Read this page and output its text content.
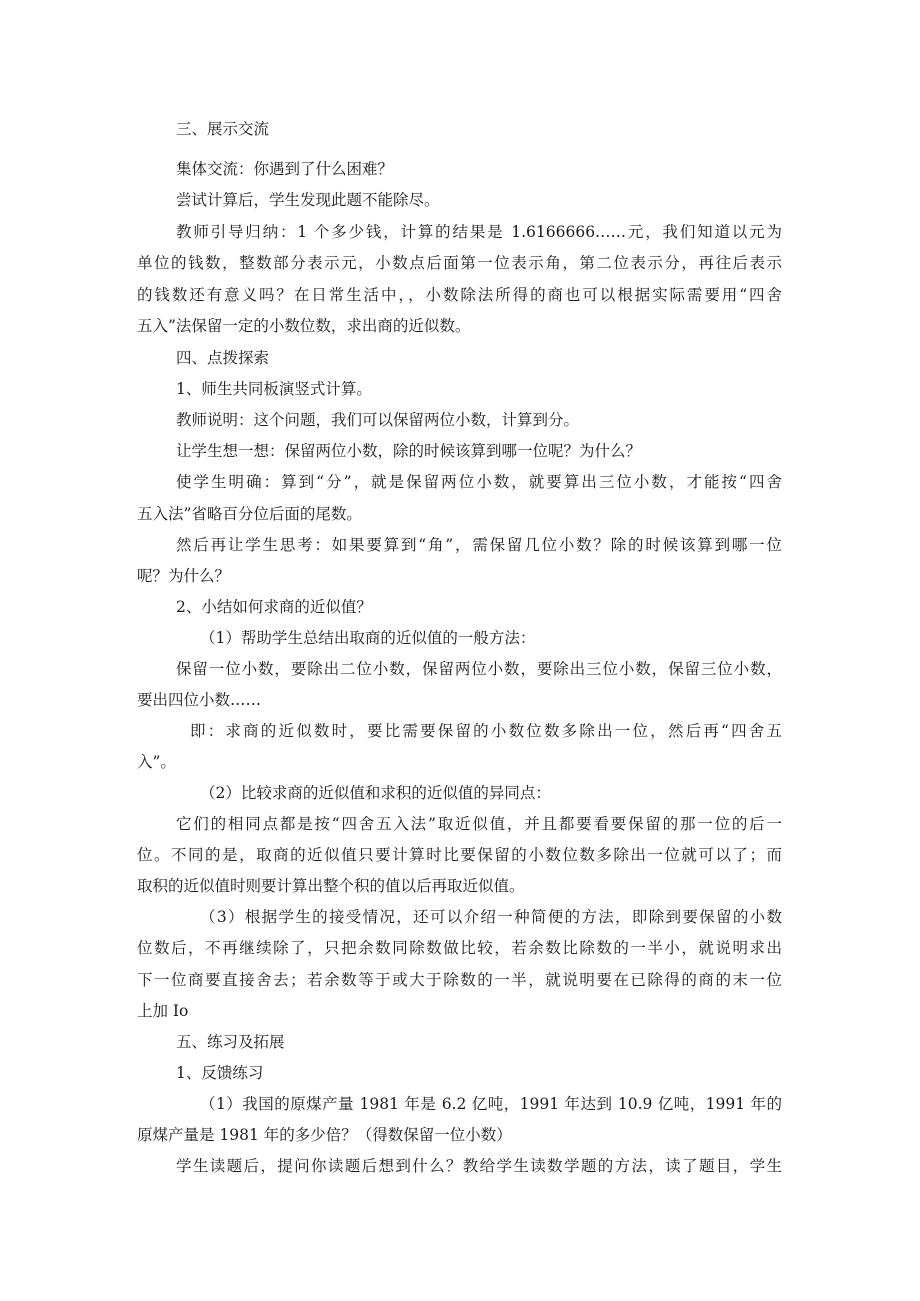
三、展示交流
集体交流：你遇到了什么困难？
尝试计算后，学生发现此题不能除尽。
教师引导归纳：1 个多少钱，计算的结果是 1.6166666……元，我们知道以元为
单位的钱数，整数部分表示元，小数点后面第一位表示角，第二位表示分，再往后表示
的钱数还有意义吗？在日常生活中，，小数除法所得的商也可以根据实际需要用“四舍
五入”法保留一定的小数位数，求出商的近似数。
四、点拨探索
1、师生共同板演竖式计算。
教师说明：这个问题，我们可以保留两位小数，计算到分。
让学生想一想：保留两位小数，除的时候该算到哪一位呢？为什么？
使学生明确：算到“分”，就是保留两位小数，就要算出三位小数，才能按“四舍
五入法”省略百分位后面的尾数。
然后再让学生思考：如果要算到“角”，需保留几位小数？除的时候该算到哪一位
呢？为什么？
2、小结如何求商的近似值？
（1）帮助学生总结出取商的近似值的一般方法：
保留一位小数，要除出二位小数，保留两位小数，要除出三位小数，保留三位小数，
要出四位小数……
即：求商的近似数时，要比需要保留的小数位数多除出一位，然后再“四舍五
入”。
（2）比较求商的近似值和求积的近似值的异同点：
它们的相同点都是按“四舍五入法”取近似值，并且都要看要保留的那一位的后一
位。不同的是，取商的近似值只要计算时比要保留的小数位数多除出一位就可以了；而
取积的近似值时则要计算出整个积的值以后再取近似值。
（3）根据学生的接受情况，还可以介绍一种简便的方法，即除到要保留的小数
位数后，不再继续除了，只把余数同除数做比较，若余数比除数的一半小，就说明求出
下一位商要直接舍去；若余数等于或大于除数的一半，就说明要在已除得的商的末一位
上加 Io
五、练习及拓展
1、反馈练习
（1）我国的原煤产量 1981 年是 6.2 亿吨，1991 年达到 10.9 亿吨，1991 年的
原煤产量是 1981 年的多少倍？（得数保留一位小数）
学生读题后，提问你读题后想到什么？教给学生读数学题的方法，读了题目，学生
